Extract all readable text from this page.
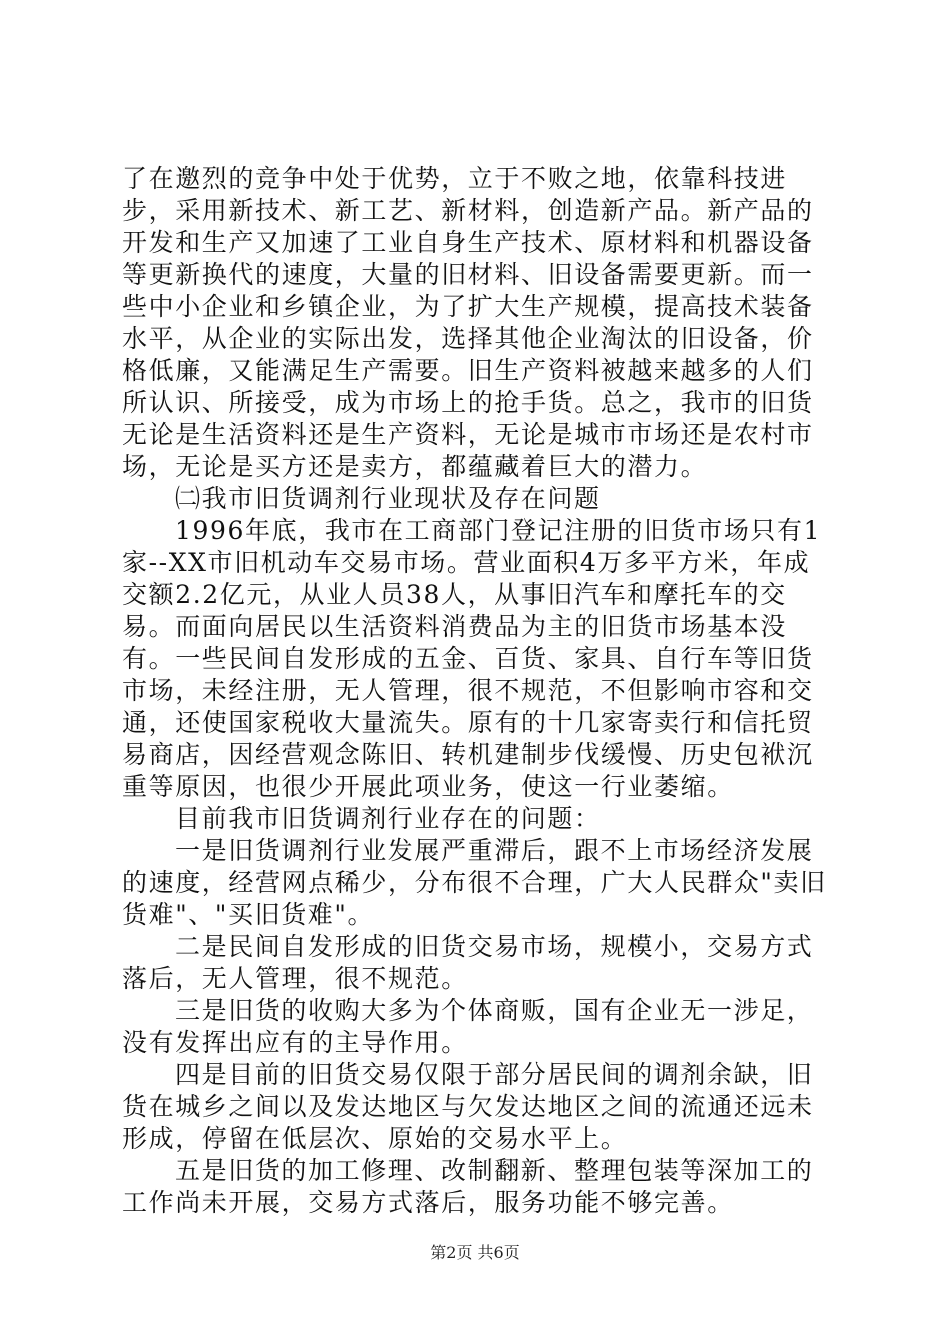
了在邀烈的竞争中处于优势，立于不败之地，依靠科技进步，采用新技术、新工艺、新材料，创造新产品。新产品的开发和生产又加速了工业自身生产技术、原材料和机器设备等更新换代的速度，大量的旧材料、旧设备需要更新。而一些中小企业和乡镇企业，为了扩大生产规模，提高技术装备水平，从企业的实际出发，选择其他企业淘汰的旧设备，价格低廉，又能满足生产需要。旧生产资料被越来越多的人们所认识、所接受，成为市场上的抢手货。总之，我市的旧货无论是生活资料还是生产资料，无论是城市市场还是农村市场，无论是买方还是卖方，都蕴藏着巨大的潜力。

㈡我市旧货调剂行业现状及存在问题

1996年底，我市在工商部门登记注册的旧货市场只有1家--XX市旧机动车交易市场。营业面积4万多平方米，年成交额2.2亿元，从业人员38人，从事旧汽车和摩托车的交易。而面向居民以生活资料消费品为主的旧货市场基本没有。一些民间自发形成的五金、百货、家具、自行车等旧货市场，未经注册，无人管理，很不规范，不但影响市容和交通，还使国家税收大量流失。原有的十几家寄卖行和信托贸易商店，因经营观念陈旧、转机建制步伐缓慢、历史包袱沉重等原因，也很少开展此项业务，使这一行业萎缩。

目前我市旧货调剂行业存在的问题：

一是旧货调剂行业发展严重滞后，跟不上市场经济发展的速度，经营网点稀少，分布很不合理，广大人民群众"卖旧货难"、"买旧货难"。

二是民间自发形成的旧货交易市场，规模小，交易方式落后，无人管理，很不规范。

三是旧货的收购大多为个体商贩，国有企业无一涉足，没有发挥出应有的主导作用。

四是目前的旧货交易仅限于部分居民间的调剂余缺，旧货在城乡之间以及发达地区与欠发达地区之间的流通还远未形成，停留在低层次、原始的交易水平上。

五是旧货的加工修理、改制翻新、整理包装等深加工的工作尚未开展，交易方式落后，服务功能不够完善。

第2页 共6页
